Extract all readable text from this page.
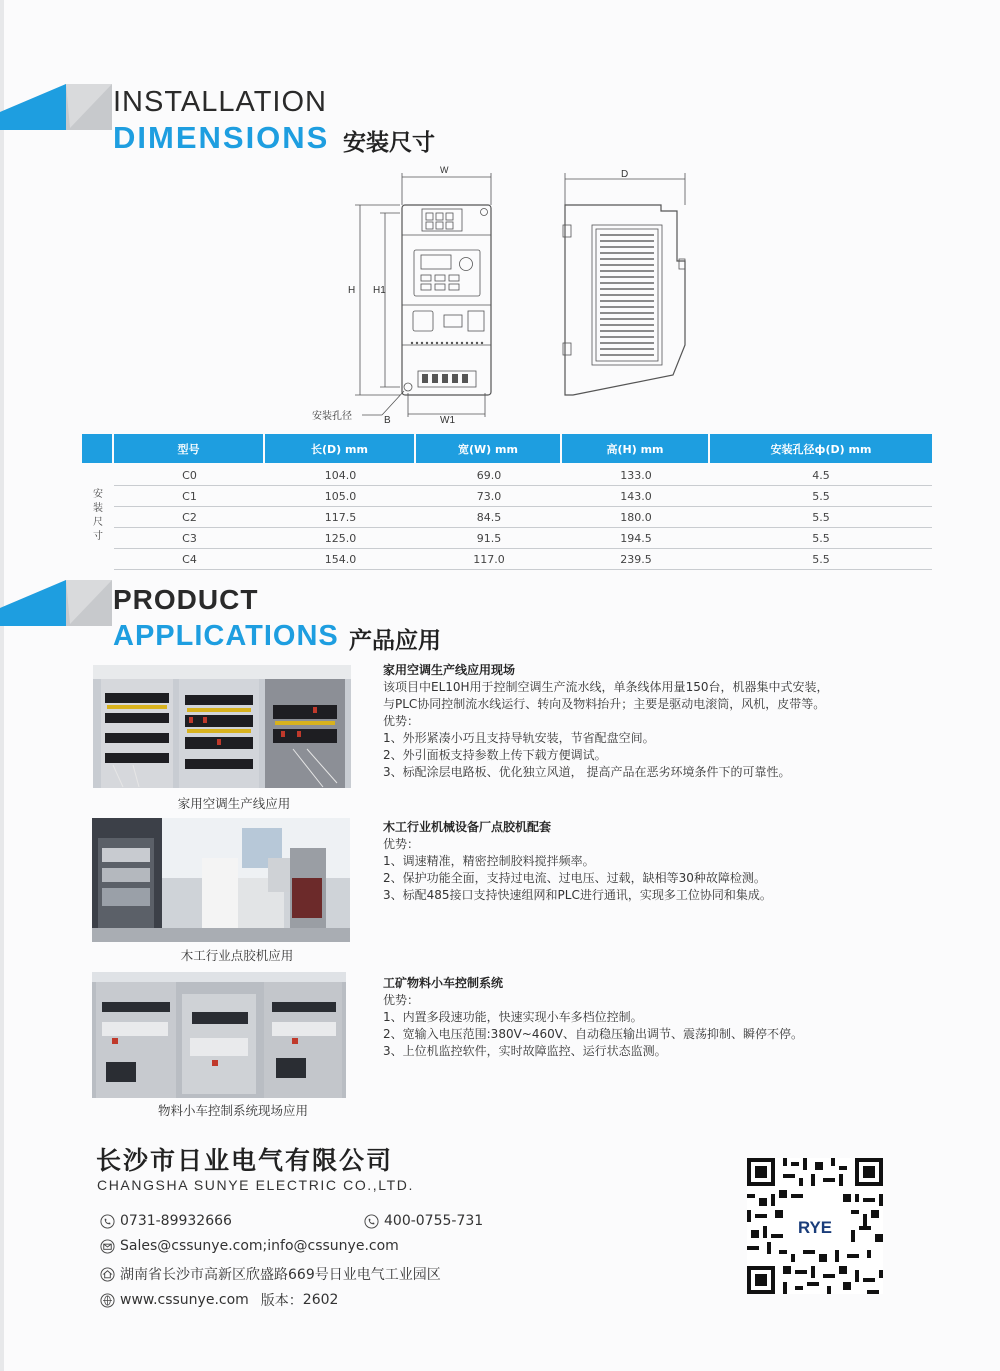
INSTALLATION
DIMENSIONS 安装尺寸
W
H H1
B	W1
安装孔径
D
型号	长(D) mm	宽(W) mm	高(H) mm	安装孔径ф(D) mm
安
装
尺
寸
C0	104.0	69.0	133.0	4.5
C1	105.0	73.0	143.0	5.5
C2	117.5	84.5	180.0	5.5
C3	125.0	91.5	194.5	5.5
C4	154.0	117.0	239.5	5.5
PRODUCT
APPLICATIONS 产品应用
家用空调生产线应用
家用空调生产线应用现场
该项目中EL10H用于控制空调生产流水线，单条线体用量150台，机器集中式安装，
与PLC协同控制流水线运行、转向及物料抬升；主要是驱动电滚筒，风机，皮带等。
优势：
1、外形紧凑小巧且支持导轨安装，节省配盘空间。
2、外引面板支持参数上传下载方便调试。
3、标配涂层电路板、优化独立风道， 提高产品在恶劣环境条件下的可靠性。
木工行业点胶机应用
木工行业机械设备厂点胶机配套
优势：
1、调速精准，精密控制胶料搅拌频率。
2、保护功能全面，支持过电流、过电压、过载，缺相等30种故障检测。
3、标配485接口支持快速组网和PLC进行通讯，实现多工位协同和集成。
物料小车控制系统现场应用
工矿物料小车控制系统
优势：
1、内置多段速功能，快速实现小车多档位控制。
2、宽输入电压范围:380V~460V、自动稳压输出调节、震荡抑制、瞬停不停。
3、上位机监控软件，实时故障监控、运行状态监测。
长沙市日业电气有限公司
CHANGSHA SUNYE ELECTRIC CO.,LTD.
0731-89932666	400-0755-731
Sales@cssunye.com;info@cssunye.com
湖南省长沙市高新区欣盛路669号日业电气工业园区
www.cssunye.com 版本： 2602
RYE
